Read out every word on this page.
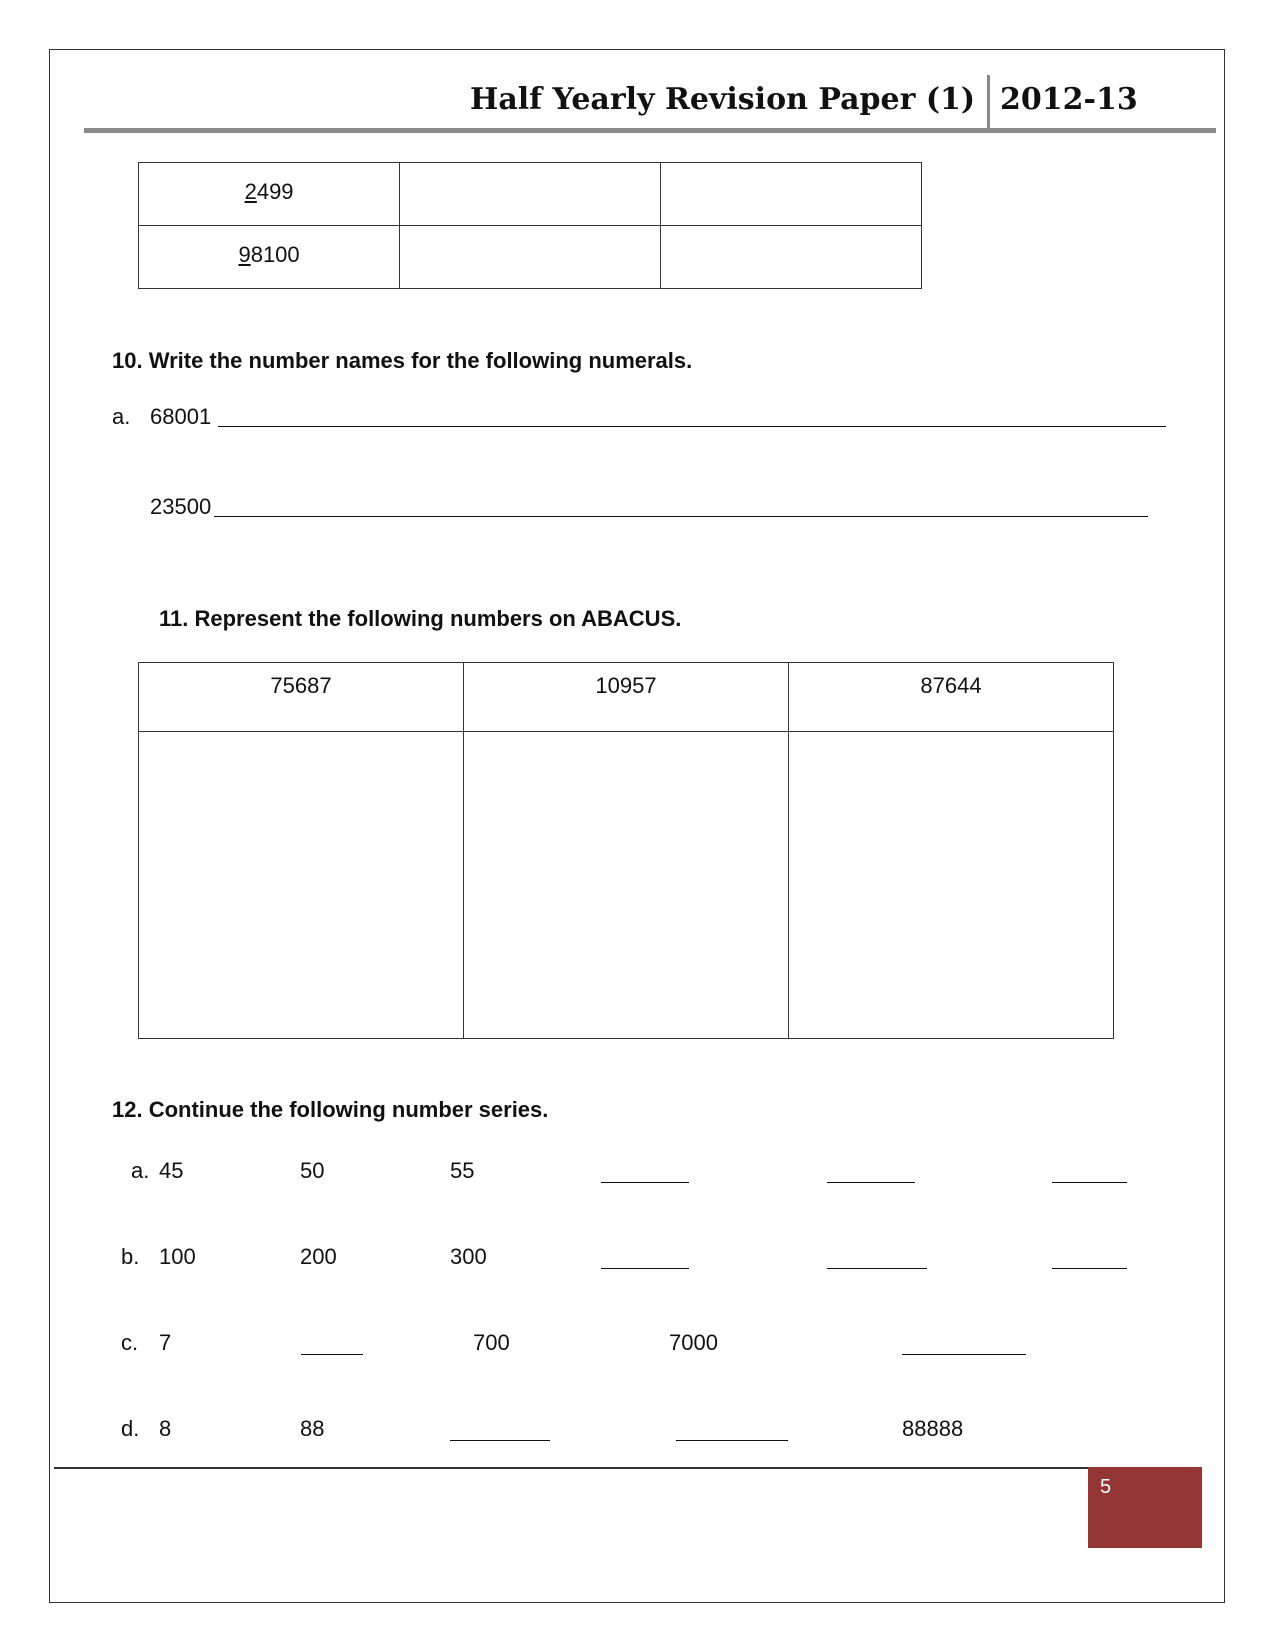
Half Yearly Revision Paper (1) 2012-13
2499		
98100		
10. Write the number names for the following numerals.
a. 68001
23500
11. Represent the following numbers on ABACUS.
75687	10957	87644

12. Continue the following number series.
a. 45	50	55
b. 100	200	300
c. 7	700	7000
d. 8	88	88888
5
